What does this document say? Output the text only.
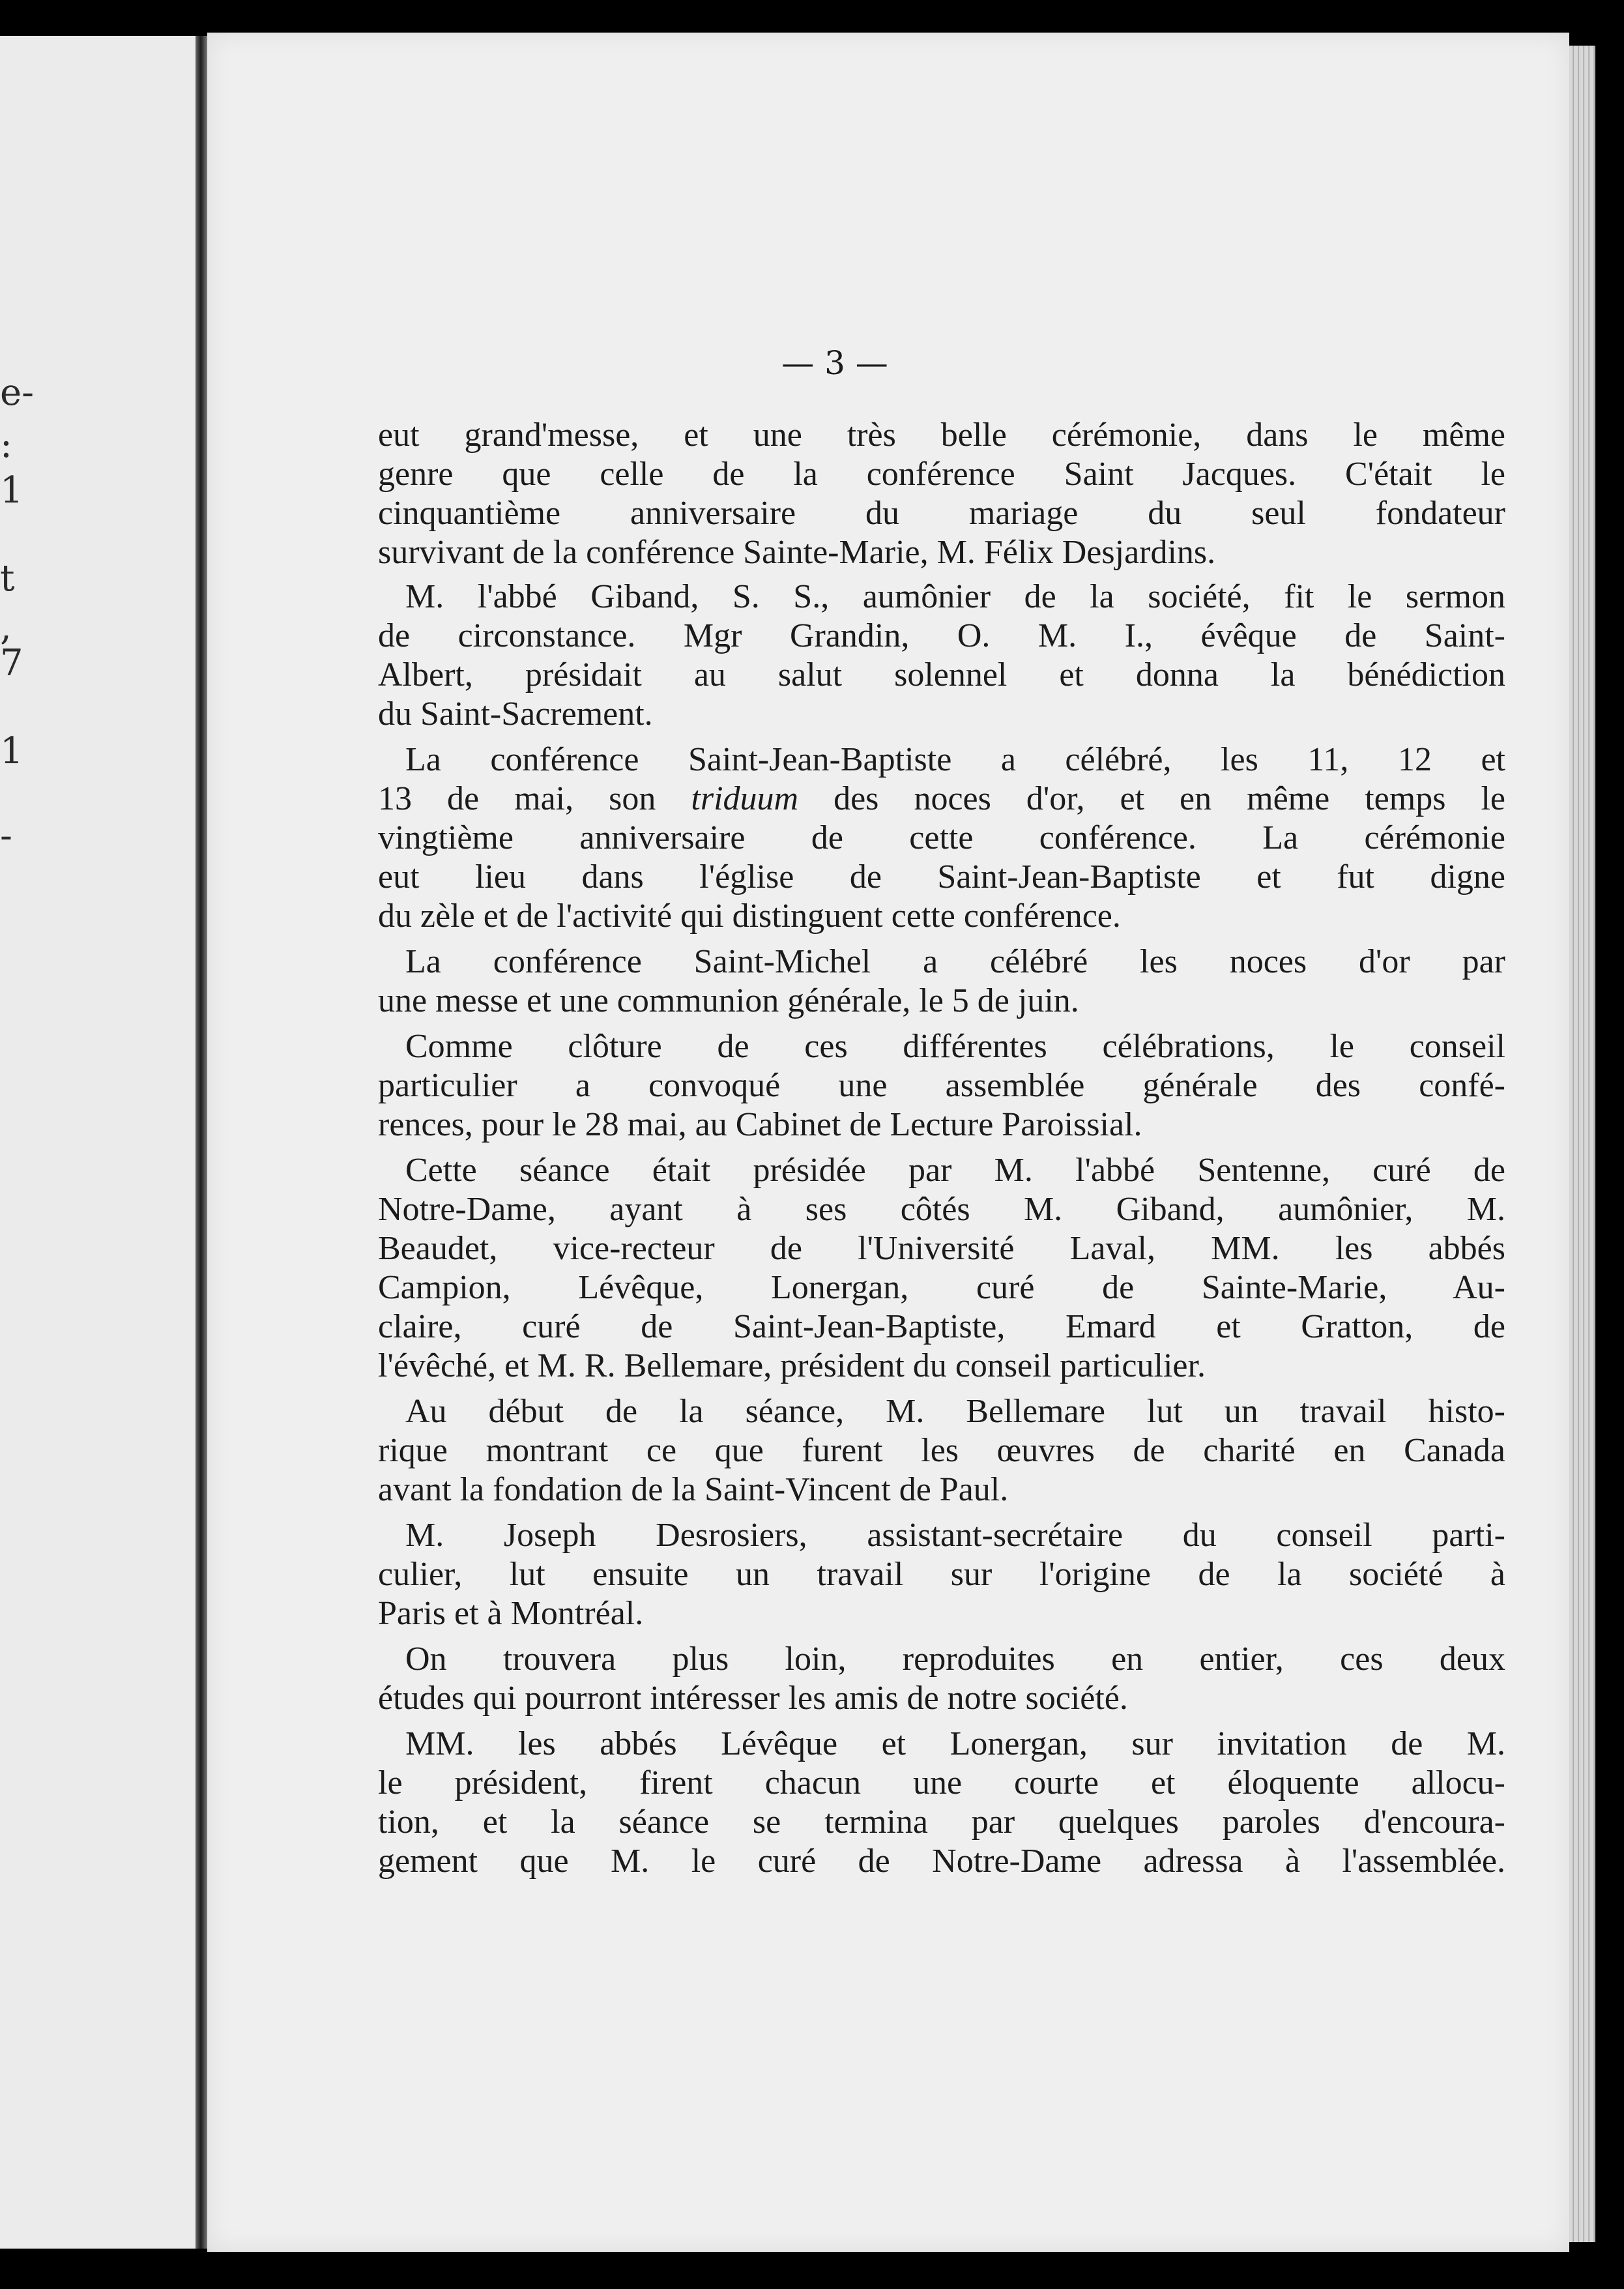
e-
:
1
t
,
7
1
-
— 3 —

eut grand'messe, et une très belle cérémonie, dans le même
genre que celle de la conférence Saint Jacques. C'était le
cinquantième anniversaire du mariage du seul fondateur
survivant de la conférence Sainte-Marie, M. Félix Desjardins.

M. l'abbé Giband, S. S., aumônier de la société, fit le sermon

de circonstance. Mgr Grandin, O. M. I., évêque de Saint-
Albert, présidait au salut solennel et donna la bénédiction
du Saint-Sacrement.

La conférence Saint-Jean-Baptiste a célébré, les 11, 12 et

13 de mai, son triduum des noces d'or, et en même temps le
vingtième anniversaire de cette conférence. La cérémonie
eut lieu dans l'église de Saint-Jean-Baptiste et fut digne
du zèle et de l'activité qui distinguent cette conférence.

La conférence Saint-Michel a célébré les noces d'or par

une messe et une communion générale, le 5 de juin.

Comme clôture de ces différentes célébrations, le conseil

particulier a convoqué une assemblée générale des confé-
rences, pour le 28 mai, au Cabinet de Lecture Paroissial.

Cette séance était présidée par M. l'abbé Sentenne, curé de

Notre-Dame, ayant à ses côtés M. Giband, aumônier, M.
Beaudet, vice-recteur de l'Université Laval, MM. les abbés
Campion, Lévêque, Lonergan, curé de Sainte-Marie, Au-
claire, curé de Saint-Jean-Baptiste, Emard et Gratton, de
l'évêché, et M. R. Bellemare, président du conseil particulier.

Au début de la séance, M. Bellemare lut un travail histo-

rique montrant ce que furent les œuvres de charité en Canada
avant la fondation de la Saint-Vincent de Paul.

M. Joseph Desrosiers, assistant-secrétaire du conseil parti-

culier, lut ensuite un travail sur l'origine de la société à
Paris et à Montréal.

On trouvera plus loin, reproduites en entier, ces deux

études qui pourront intéresser les amis de notre société.

MM. les abbés Lévêque et Lonergan, sur invitation de M.

le président, firent chacun une courte et éloquente allocu-
tion, et la séance se termina par quelques paroles d'encoura-
gement que M. le curé de Notre-Dame adressa à l'assemblée.
